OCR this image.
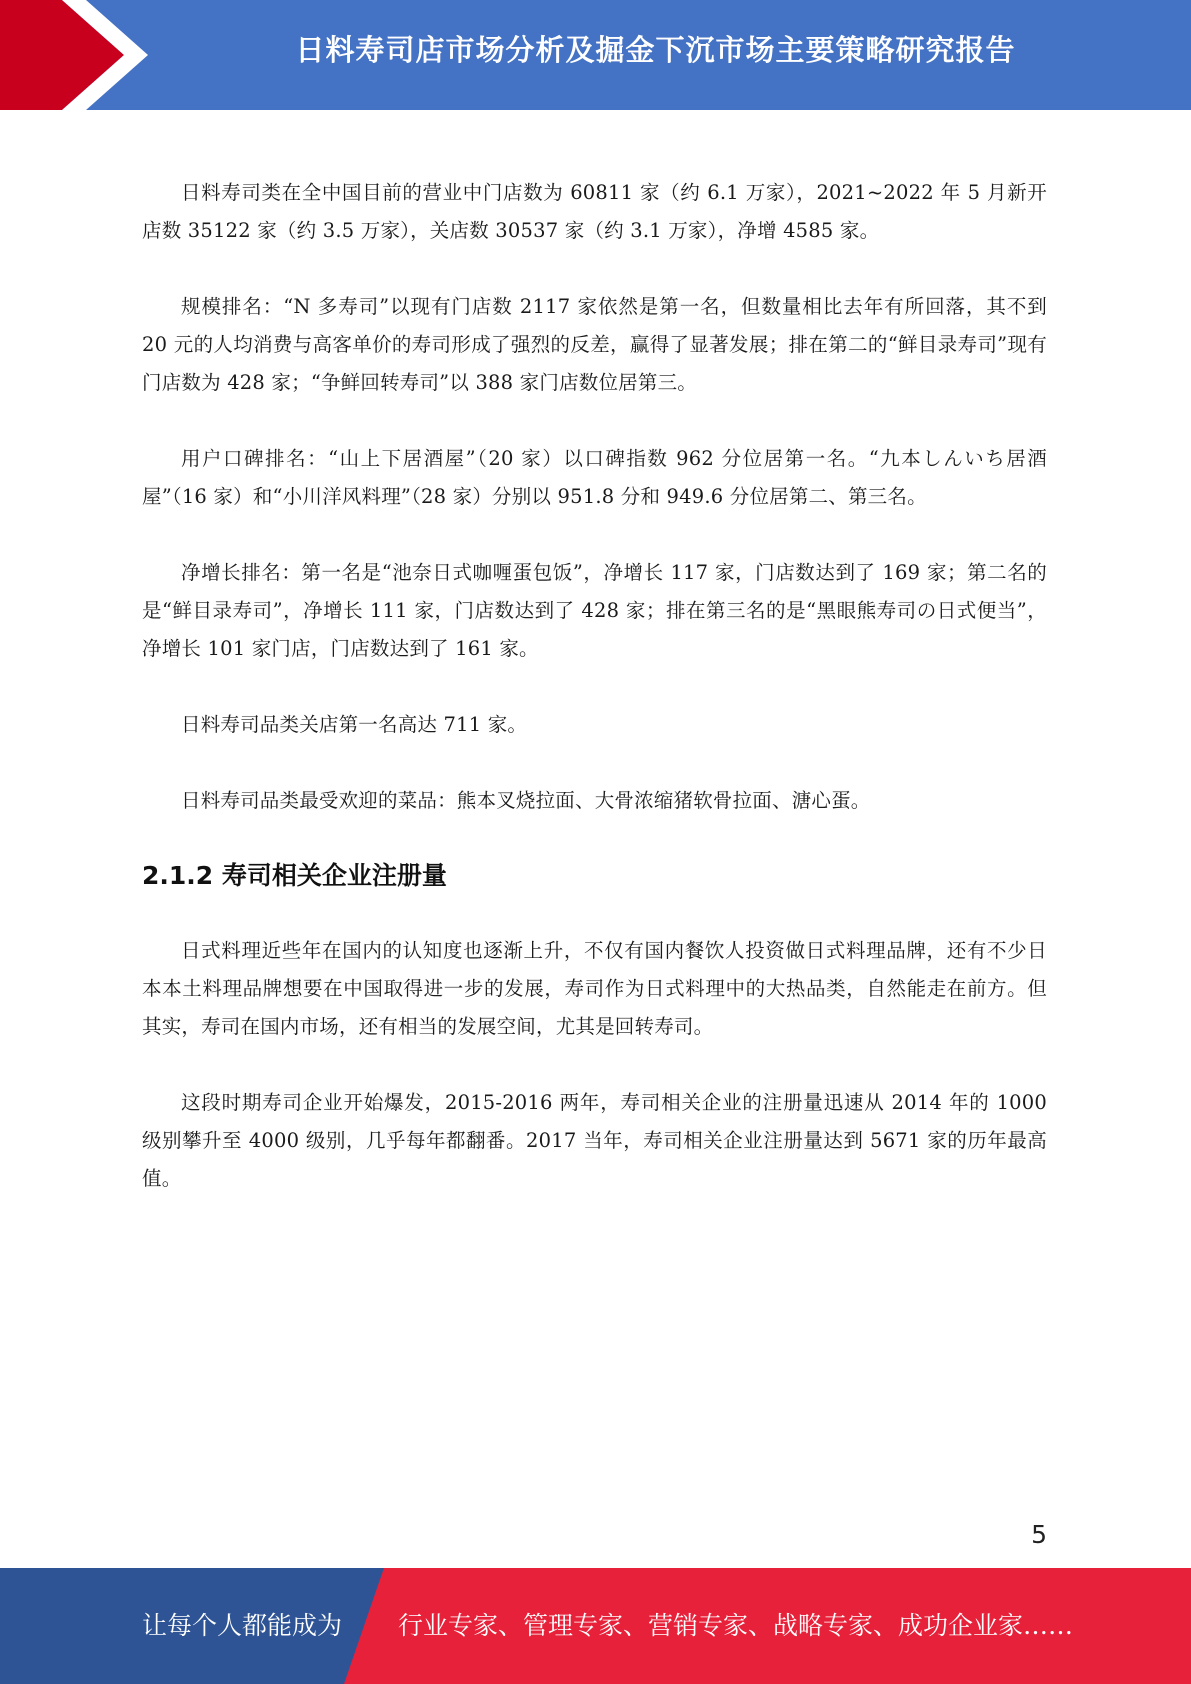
日料寿司店市场分析及掘金下沉市场主要策略研究报告

日料寿司类在全中国目前的营业中门店数为 60811 家（约 6.1 万家），2021~2022 年 5 月新开店数 35122 家（约 3.5 万家），关店数 30537 家（约 3.1 万家），净增 4585 家。

规模排名：“N 多寿司”以现有门店数 2117 家依然是第一名，但数量相比去年有所回落，其不到 20 元的人均消费与高客单价的寿司形成了强烈的反差，赢得了显著发展；排在第二的“鲜目录寿司”现有门店数为 428 家；“争鲜回转寿司”以 388 家门店数位居第三。

用户口碑排名：“山上下居酒屋”（20 家）以口碑指数 962 分位居第一名。“九本しんいち居酒屋”（16 家）和“小川洋风料理”（28 家）分别以 951.8 分和 949.6 分位居第二、第三名。

净增长排名：第一名是“池奈日式咖喱蛋包饭”，净增长 117 家，门店数达到了 169 家；第二名的是“鲜目录寿司”，净增长 111 家，门店数达到了 428 家；排在第三名的是“黑眼熊寿司の日式便当”，净增长 101 家门店，门店数达到了 161 家。

日料寿司品类关店第一名高达 711 家。

日料寿司品类最受欢迎的菜品：熊本叉烧拉面、大骨浓缩猪软骨拉面、溏心蛋。

2.1.2 寿司相关企业注册量

日式料理近些年在国内的认知度也逐渐上升，不仅有国内餐饮人投资做日式料理品牌，还有不少日本本土料理品牌想要在中国取得进一步的发展，寿司作为日式料理中的大热品类，自然能走在前方。但其实，寿司在国内市场，还有相当的发展空间，尤其是回转寿司。

这段时期寿司企业开始爆发，2015-2016 两年，寿司相关企业的注册量迅速从 2014 年的 1000 级别攀升至 4000 级别，几乎每年都翻番。2017 当年，寿司相关企业注册量达到 5671 家的历年最高值。

5
让每个人都能成为 行业专家、管理专家、营销专家、战略专家、成功企业家……
